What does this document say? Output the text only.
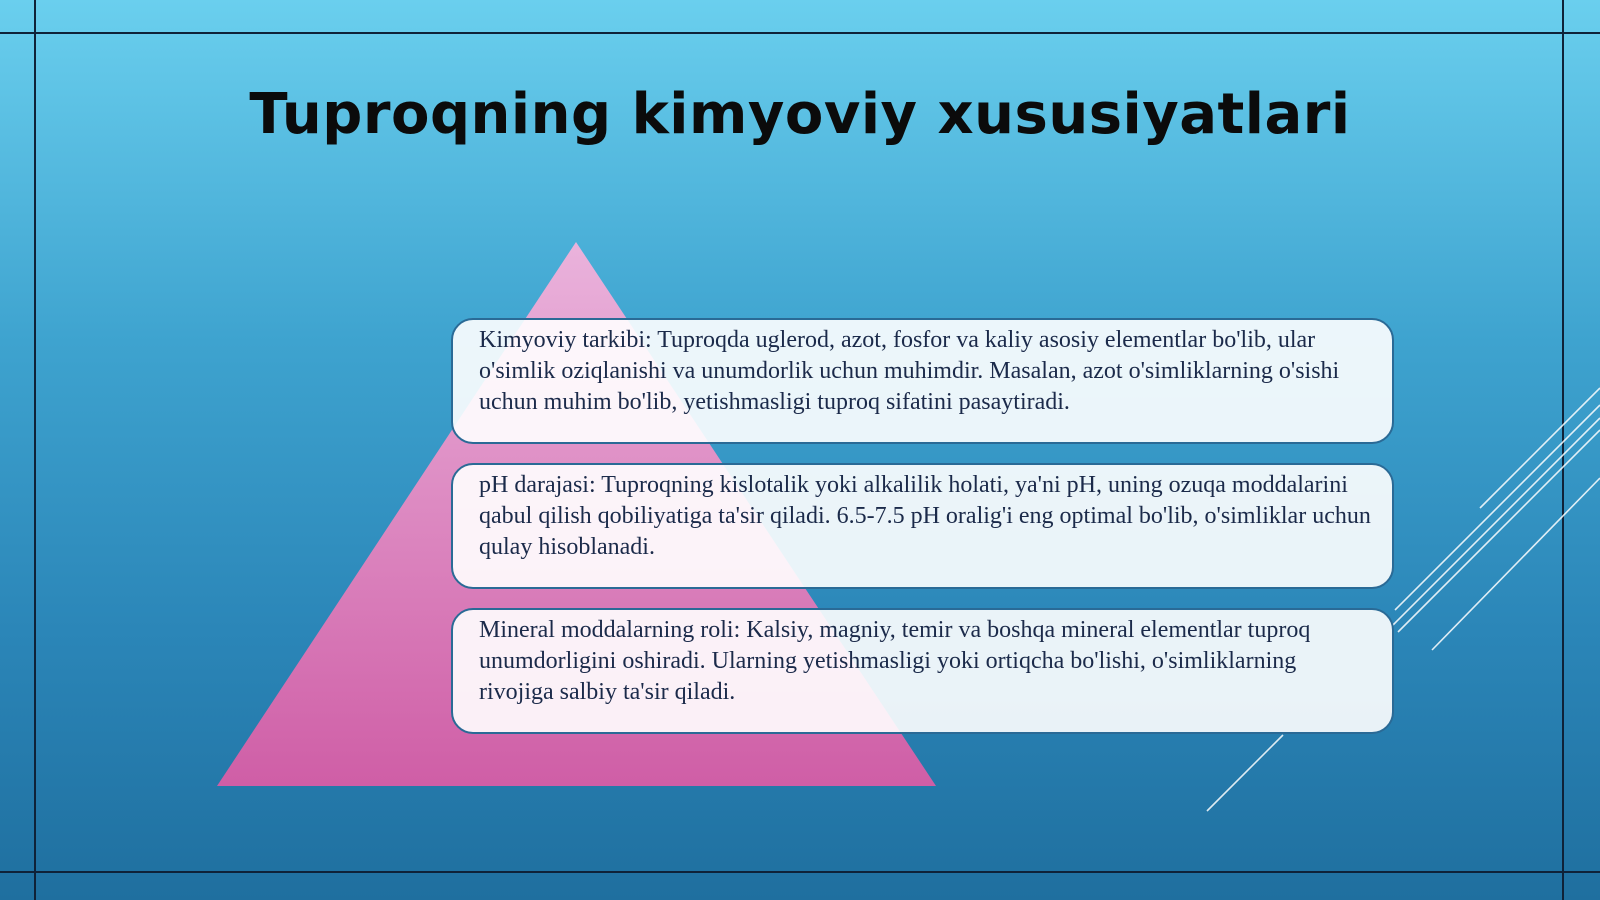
Tuproqning kimyoviy xususiyatlari
Kimyoviy tarkibi: Tuproqda uglerod, azot, fosfor va kaliy asosiy elementlar bo'lib, ular o'simlik oziqlanishi va unumdorlik uchun muhimdir. Masalan, azot o'simliklarning o'sishi uchun muhim bo'lib, yetishmasligi tuproq sifatini pasaytiradi.
pH darajasi: Tuproqning kislotalik yoki alkalilik holati, ya'ni pH, uning ozuqa moddalarini qabul qilish qobiliyatiga ta'sir qiladi. 6.5-7.5 pH oralig'i eng optimal bo'lib, o'simliklar uchun qulay hisoblanadi.
Mineral moddalarning roli: Kalsiy, magniy, temir va boshqa mineral elementlar tuproq unumdorligini oshiradi. Ularning yetishmasligi yoki ortiqcha bo'lishi, o'simliklarning rivojiga salbiy ta'sir qiladi.
